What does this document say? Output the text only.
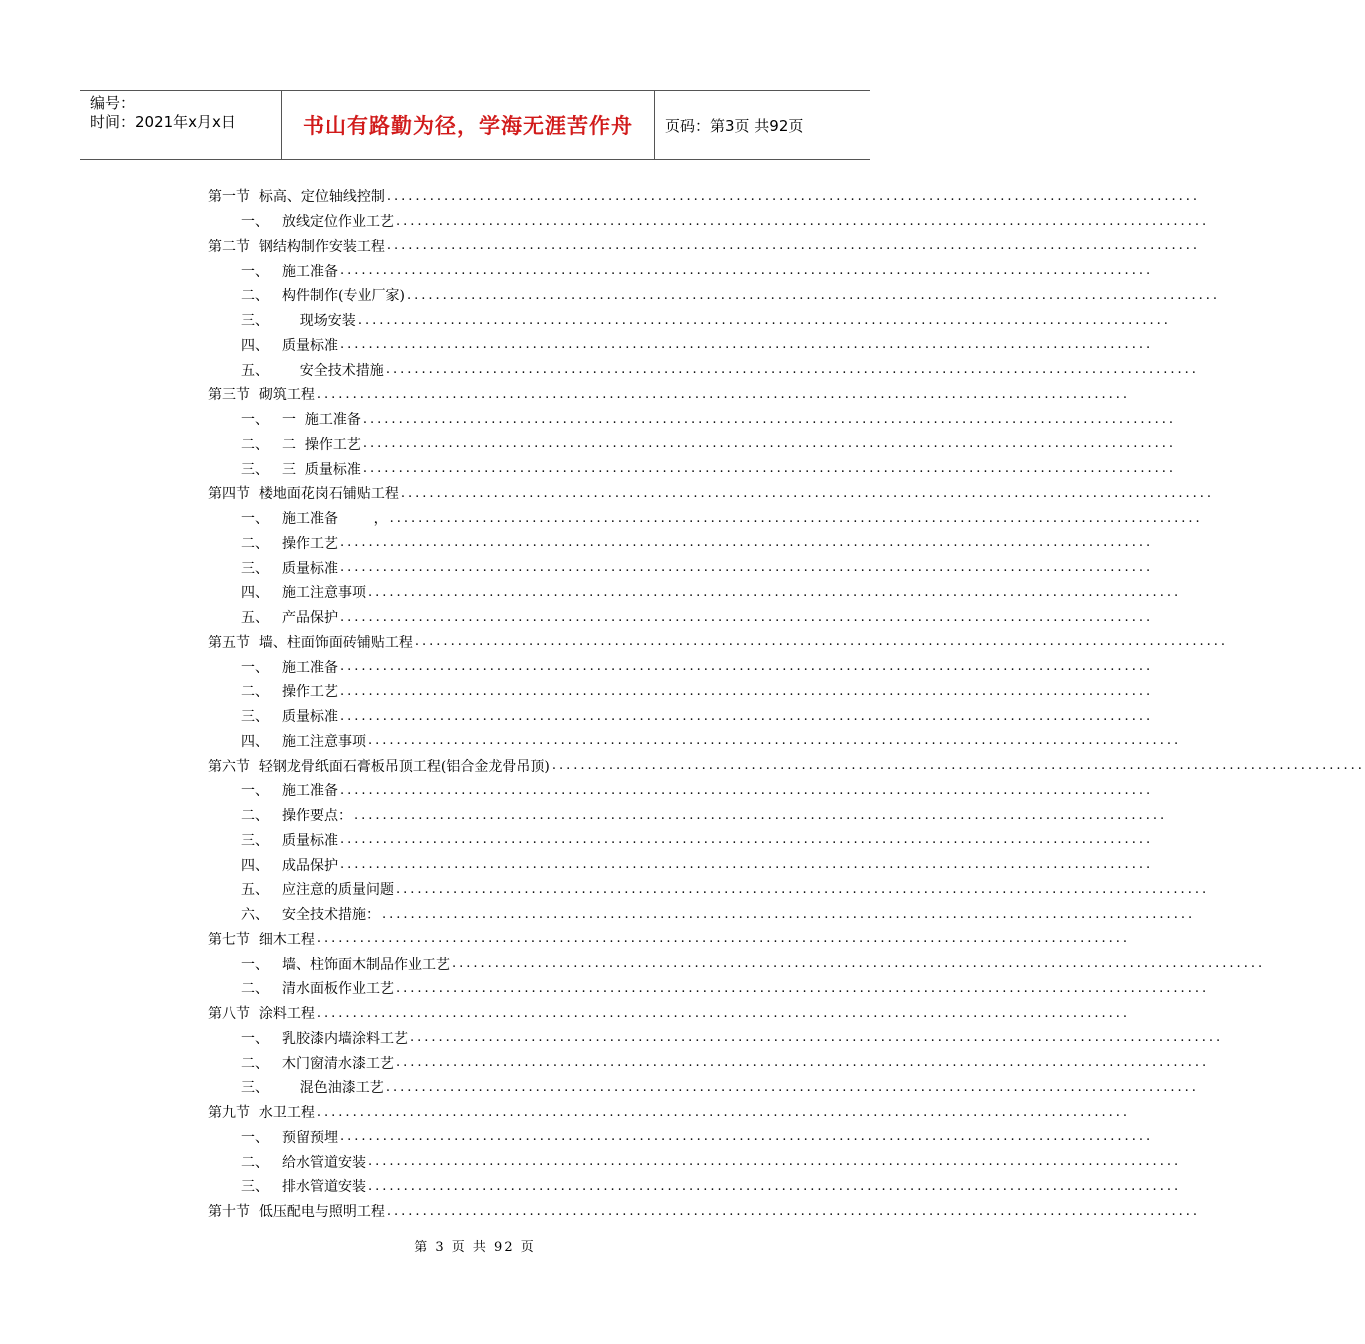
编号：
时间：2021年x月x日	书山有路勤为径，学海无涯苦作舟	页码：第3页 共92页
第一节  标高、定位轴线控制 ..................................................................................................................
一、 放线定位作业工艺 ..................................................................................................................
第二节  钢结构制作安装工程 ..................................................................................................................
一、 施工准备 ..................................................................................................................
二、 构件制作(专业厂家) ..................................................................................................................
三、 现场安装 ..................................................................................................................
四、 质量标准 ..................................................................................................................
五、 安全技术措施 ..................................................................................................................
第三节  砌筑工程 ..................................................................................................................
一、 一  施工准备 ..................................................................................................................
二、 二  操作工艺 ..................................................................................................................
三、 三  质量标准 ..................................................................................................................
第四节  楼地面花岗石铺贴工程 ..................................................................................................................
一、 施工准备        ， ..................................................................................................................
二、 操作工艺 ..................................................................................................................
三、 质量标准 ..................................................................................................................
四、 施工注意事项 ..................................................................................................................
五、 产品保护 ..................................................................................................................
第五节  墙、柱面饰面砖铺贴工程 ..................................................................................................................
一、 施工准备 ..................................................................................................................
二、 操作工艺 ..................................................................................................................
三、 质量标准 ..................................................................................................................
四、 施工注意事项 ..................................................................................................................
第六节  轻钢龙骨纸面石膏板吊顶工程(铝合金龙骨吊顶) ..................................................................................................................
一、 施工准备 ..................................................................................................................
二、 操作要点： ..................................................................................................................
三、 质量标准 ..................................................................................................................
四、 成品保护 ..................................................................................................................
五、 应注意的质量问题 ..................................................................................................................
六、 安全技术措施： ..................................................................................................................
第七节  细木工程 ..................................................................................................................
一、 墙、柱饰面木制品作业工艺 ..................................................................................................................
二、 清水面板作业工艺 ..................................................................................................................
第八节  涂料工程 ..................................................................................................................
一、 乳胶漆内墙涂料工艺 ..................................................................................................................
二、 木门窗清水漆工艺 ..................................................................................................................
三、 混色油漆工艺 ..................................................................................................................
第九节  水卫工程 ..................................................................................................................
一、 预留预埋 ..................................................................................................................
二、 给水管道安装 ..................................................................................................................
三、 排水管道安装 ..................................................................................................................
第十节  低压配电与照明工程 ..................................................................................................................
第 3 页 共 92 页
